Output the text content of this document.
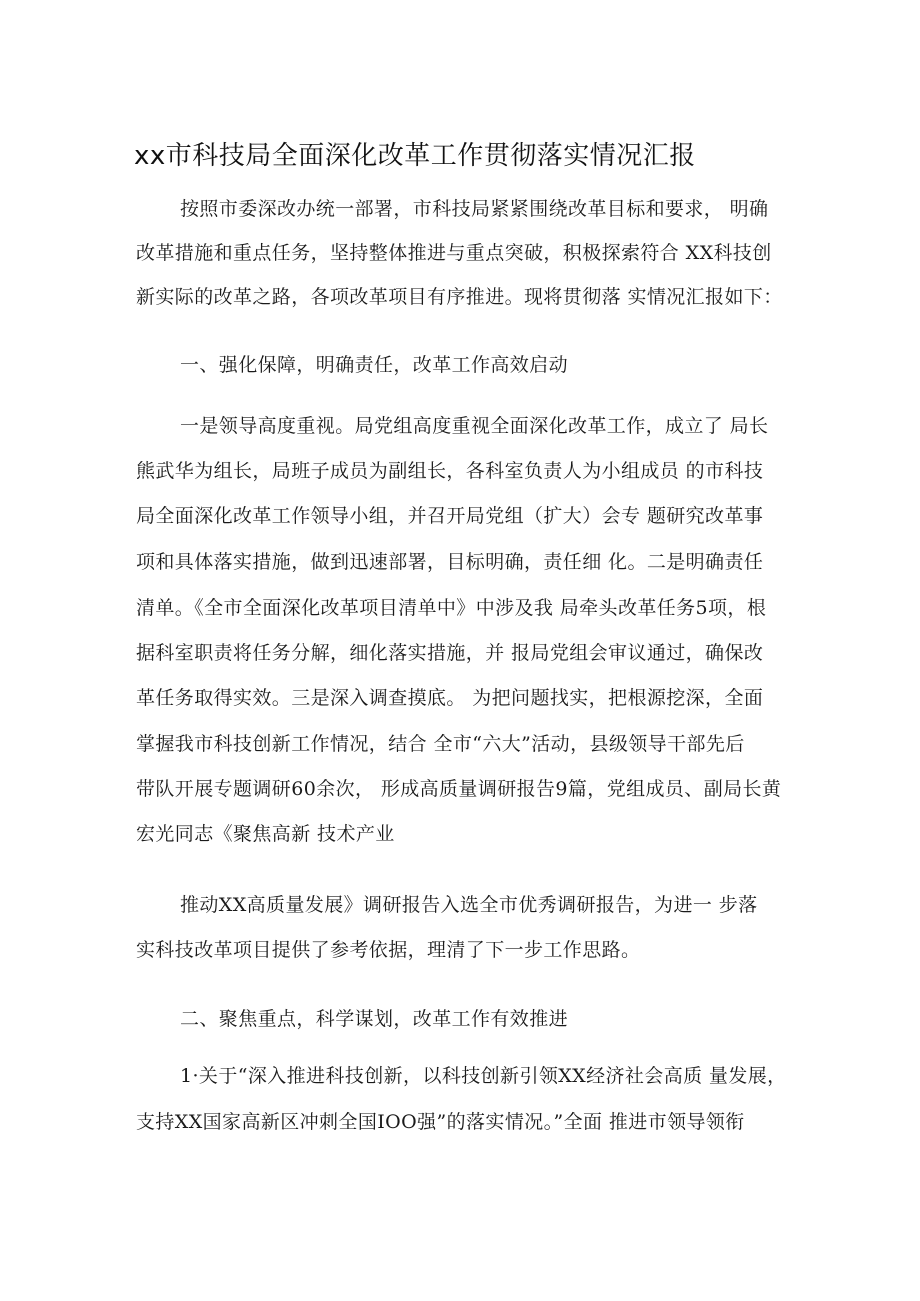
xx市科技局全面深化改革工作贯彻落实情况汇报
按照市委深改办统一部署，市科技局紧紧围绕改革目标和要求， 明确
改革措施和重点任务，坚持整体推进与重点突破，积极探索符合 XX科技创
新实际的改革之路，各项改革项目有序推进。现将贯彻落 实情况汇报如下：
一、强化保障，明确责任，改革工作高效启动
一是领导高度重视。局党组高度重视全面深化改革工作，成立了 局长
熊武华为组长，局班子成员为副组长，各科室负责人为小组成员 的市科技
局全面深化改革工作领导小组，并召开局党组（扩大）会专 题研究改革事
项和具体落实措施，做到迅速部署，目标明确，责任细 化。二是明确责任
清单。《全市全面深化改革项目清单中》中涉及我 局牵头改革任务5项，根
据科室职责将任务分解，细化落实措施，并 报局党组会审议通过，确保改
革任务取得实效。三是深入调查摸底。 为把问题找实，把根源挖深，全面
掌握我市科技创新工作情况，结合 全市“六大”活动，县级领导干部先后
带队开展专题调研60余次， 形成高质量调研报告9篇，党组成员、副局长黄
宏光同志《聚焦高新 技术产业
推动XX高质量发展》调研报告入选全市优秀调研报告，为进一 步落
实科技改革项目提供了参考依据，理清了下一步工作思路。
二、聚焦重点，科学谋划，改革工作有效推进
1·关于“深入推进科技创新，以科技创新引领XX经济社会高质 量发展，
支持XX国家高新区冲刺全国IOO强”的落实情况。”全面 推进市领导领衔
